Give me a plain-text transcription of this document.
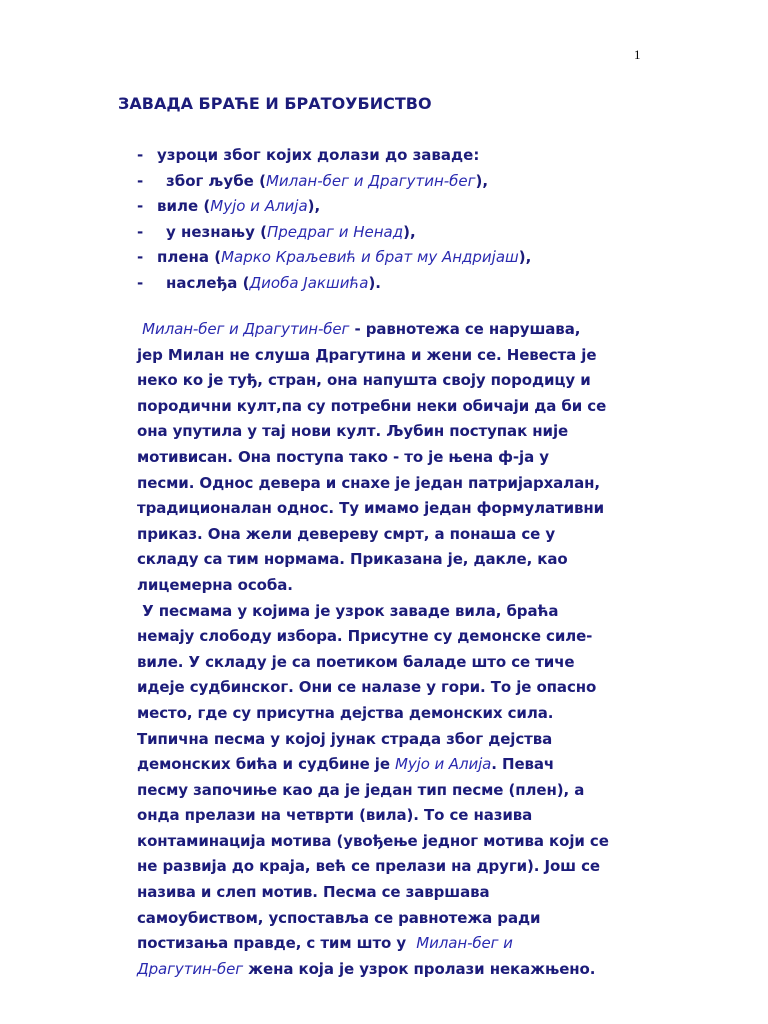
1
ЗАВАДА БРАЋЕ И БРАТОУБИСТВО
- узроци због којих долази до заваде:
-	због љубе ( Милан-бег и Драгутин-бег ),
- виле ( Мујо и Алија ),
-	у незнању ( Предраг и Ненад ),
- плена ( Марко Краљевић и брат му Андријаш ),
-	наслеђа ( Диоба Јакшића ).
Милан-бег и Драгутин-бег - равнотежа се нарушава,
јер Милан не слуша Драгутина и жени се. Невеста је
неко ко је туђ, стран, она напушта своју породицу и
породични култ,па су потребни неки обичаји да би се
она упутила у тај нови култ. Љубин поступак није
мотивисан. Она поступа тако - то је њена ф-ја у
песми. Однос девера и снахе је један патријархалан,
традиционалан однос. Ту имамо један формулативни
приказ. Она жели девереву смрт, а понаша се у
складу са тим нормама. Приказана је, дакле, као
лицемерна особа.
У песмама у којима је узрок заваде вила, браћа
немају слободу избора. Присутне су демонске силе-
виле. У складу је са поетиком баладе што се тиче
идеје судбинског. Они се налазе у гори. То је опасно
место, где су присутна дејства демонских сила.
Типична песма у којој јунак страда због дејства
демонских бића и судбине је Мујо и Алија. Певач
песму започиње као да је један тип песме (плен), а
онда прелази на четврти (вила). То се назива
контаминација мотива (увођење једног мотива који се
не развија до краја, већ се прелази на други). Још се
назива и слеп мотив. Песма се завршава
самоубиством, успоставља се равнотежа ради
постизања правде, с тим што у  Милан-бег и
Драгутин-бег жена која је узрок пролази некажњено.
